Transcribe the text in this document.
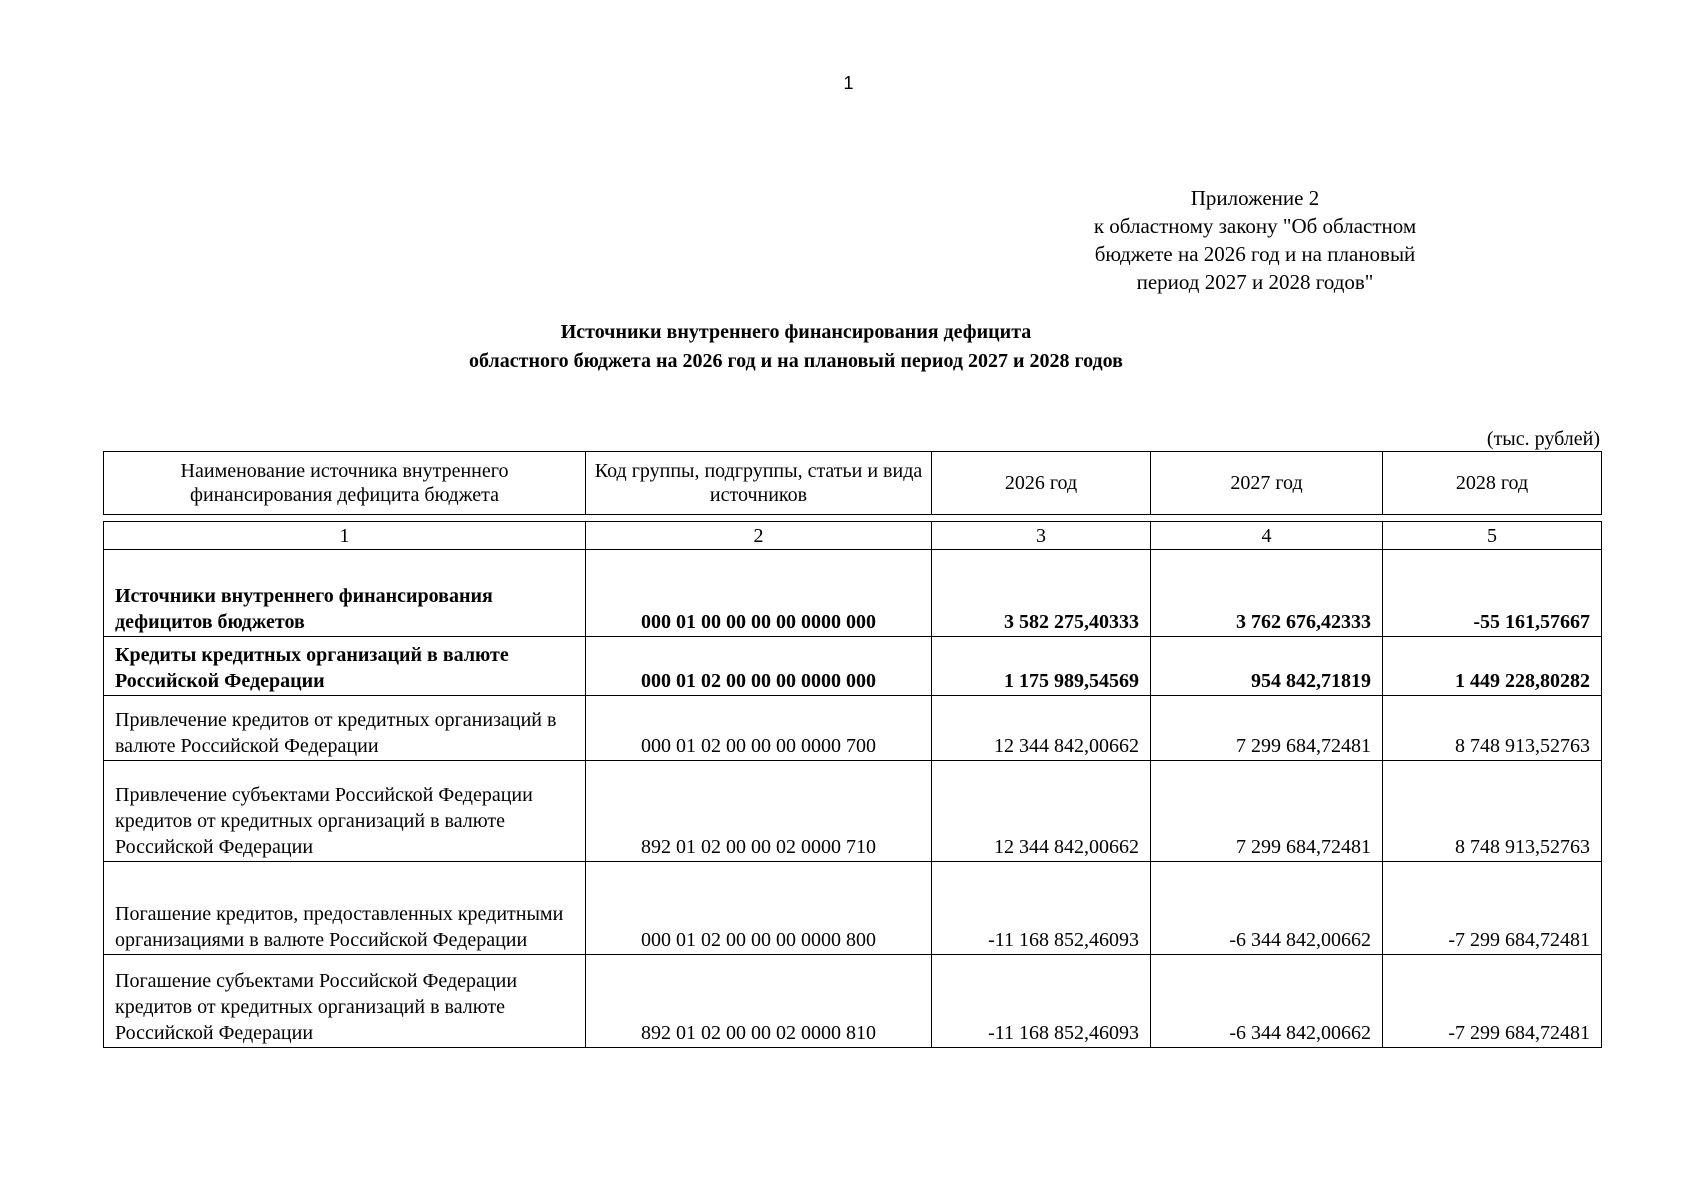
1
Приложение 2
к областному закону "Об областном
бюджете на 2026 год и на плановый
период 2027 и 2028 годов"
Источники внутреннего финансирования дефицита
областного бюджета на 2026 год и на плановый период 2027 и 2028 годов
(тыс. рублей)
Наименование источника внутреннего финансирования дефицита бюджета	Код группы, подгруппы, статьи и вида источников	2026 год	2027 год	2028 год
1	2	3	4	5
Источники внутреннего финансирования дефицитов бюджетов	000 01 00 00 00 00 0000 000	3 582 275,40333	3 762 676,42333	-55 161,57667
Кредиты кредитных организаций в валюте Российской Федерации	000 01 02 00 00 00 0000 000	1 175 989,54569	954 842,71819	1 449 228,80282
Привлечение кредитов от кредитных организаций в валюте Российской Федерации	000 01 02 00 00 00 0000 700	12 344 842,00662	7 299 684,72481	8 748 913,52763
Привлечение субъектами Российской Федерации кредитов от кредитных организаций в валюте Российской Федерации	892 01 02 00 00 02 0000 710	12 344 842,00662	7 299 684,72481	8 748 913,52763
Погашение кредитов, предоставленных кредитными организациями в валюте Российской Федерации	000 01 02 00 00 00 0000 800	-11 168 852,46093	-6 344 842,00662	-7 299 684,72481
Погашение субъектами Российской Федерации кредитов от кредитных организаций в валюте Российской Федерации	892 01 02 00 00 02 0000 810	-11 168 852,46093	-6 344 842,00662	-7 299 684,72481
